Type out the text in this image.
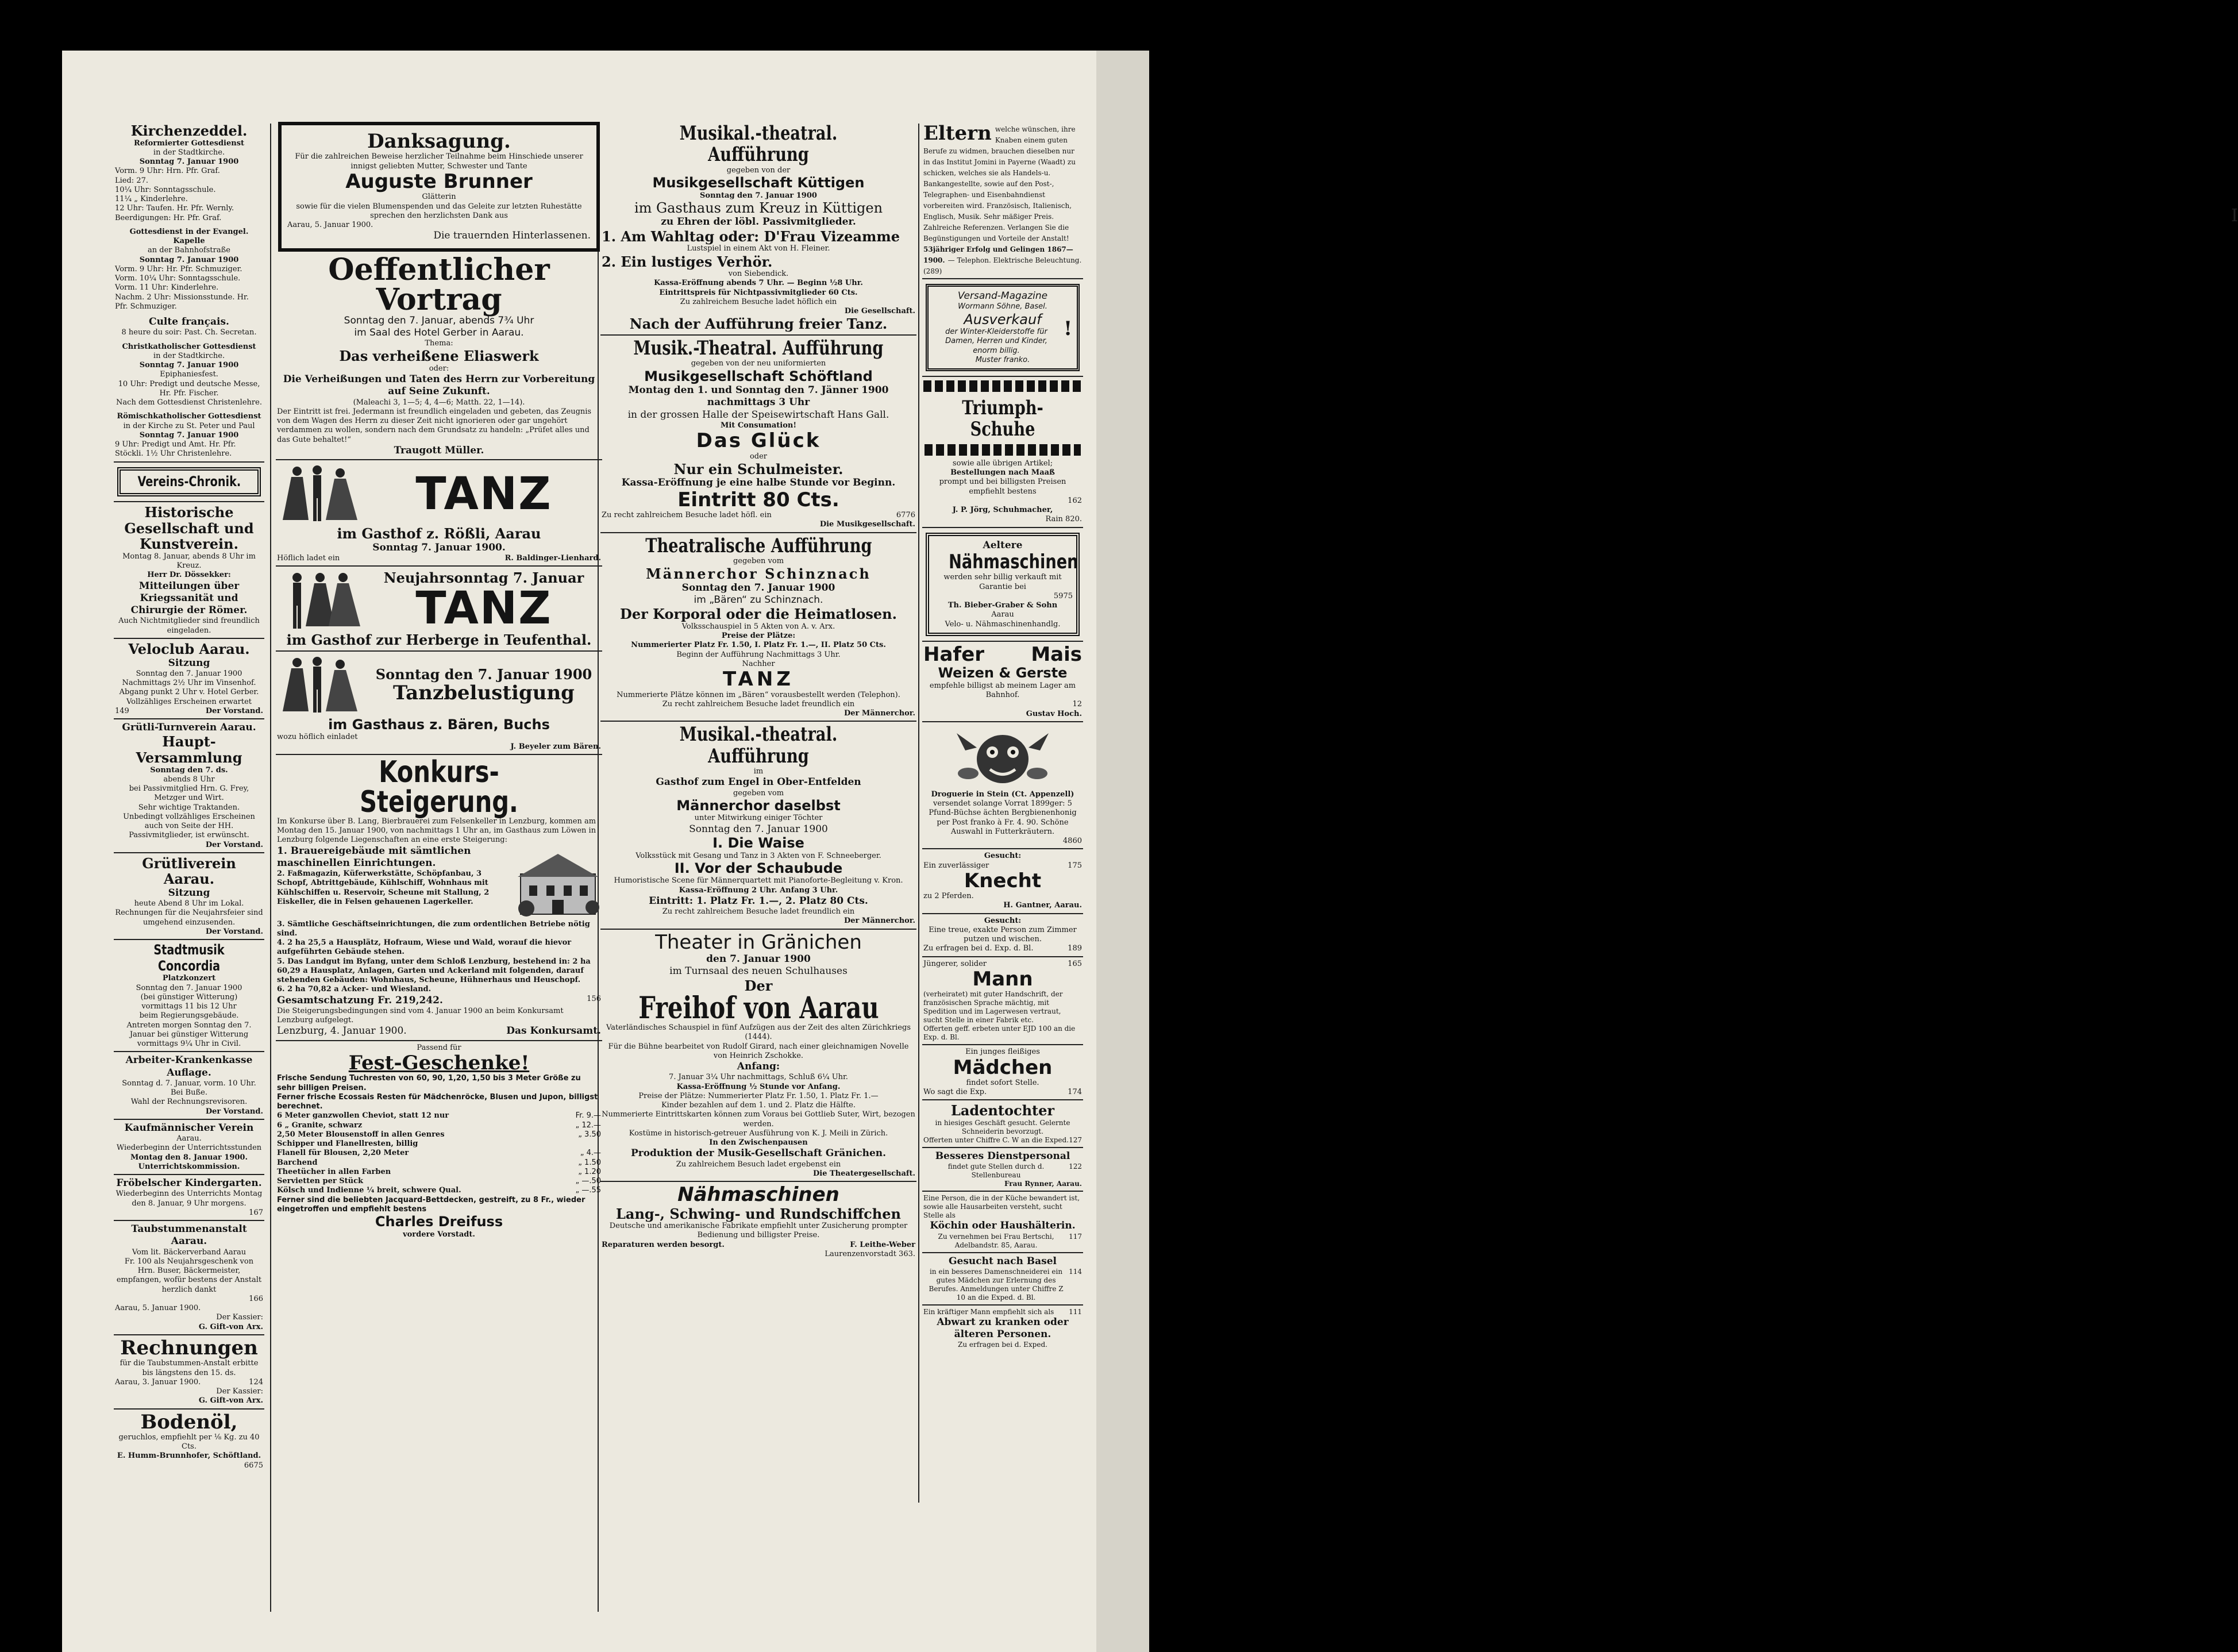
I
Kirchenzeddel.
Reformierter Gottesdienst
in der Stadtkirche.
Sonntag 7. Januar 1900
Vorm. 9 Uhr: Hrn. Pfr. Graf.
Lied: 27.
10¼ Uhr: Sonntagsschule.
11¼ „ Kinderlehre.
12 Uhr: Taufen. Hr. Pfr. Wernly.
Beerdigungen: Hr. Pfr. Graf.
Gottesdienst in der Evangel. Kapelle
an der Bahnhofstraße
Sonntag 7. Januar 1900
Vorm. 9 Uhr: Hr. Pfr. Schmuziger.
Vorm. 10¼ Uhr: Sonntagsschule.
Vorm. 11 Uhr: Kinderlehre.
Nachm. 2 Uhr: Missionsstunde. Hr. Pfr. Schmuziger.
Culte français.
8 heure du soir: Past. Ch. Secretan.
Christkatholischer Gottesdienst
in der Stadtkirche.
Sonntag 7. Januar 1900
Epiphaniesfest.
10 Uhr: Predigt und deutsche Messe, Hr. Pfr. Fischer.
Nach dem Gottesdienst Christenlehre.
Römischkatholischer Gottesdienst
in der Kirche zu St. Peter und Paul
Sonntag 7. Januar 1900
9 Uhr: Predigt und Amt. Hr. Pfr. Stöckli. 1½ Uhr Christenlehre.
Vereins-Chronik.
Historische Gesellschaft und Kunstverein.
Montag 8. Januar, abends 8 Uhr im Kreuz.
Herr Dr. Dössekker:
Mitteilungen über Kriegssanität und Chirurgie der Römer.
Auch Nichtmitglieder sind freundlich eingeladen.
Veloclub Aarau.
Sitzung
Sonntag den 7. Januar 1900
Nachmittags 2½ Uhr im Vinsenhof.
Abgang punkt 2 Uhr v. Hotel Gerber.
Vollzähliges Erscheinen erwartet
149	Der Vorstand.
Grütli-Turnverein Aarau.
Haupt-Versammlung
Sonntag den 7. ds.
abends 8 Uhr
bei Passivmitglied Hrn. G. Frey, Metzger und Wirt.
Sehr wichtige Traktanden.
Unbedingt vollzähliges Erscheinen auch von Seite der HH. Passivmitglieder, ist erwünscht.
Der Vorstand.
Grütliverein Aarau.
Sitzung
heute Abend 8 Uhr im Lokal.
Rechnungen für die Neujahrsfeier sind umgehend einzusenden.
Der Vorstand.
Stadtmusik Concordia
Platzkonzert
Sonntag den 7. Januar 1900
(bei günstiger Witterung)
vormittags 11 bis 12 Uhr
beim Regierungsgebäude.
Antreten morgen Sonntag den 7. Januar bei günstiger Witterung vormittags 9¼ Uhr in Civil.
Arbeiter-Krankenkasse
Auflage.
Sonntag d. 7. Januar, vorm. 10 Uhr.
Bei Buße.
Wahl der Rechnungsrevisoren.
Der Vorstand.
Kaufmännischer Verein
Aarau.
Wiederbeginn der Unterrichtsstunden
Montag den 8. Januar 1900.
Unterrichtskommission.
Fröbelscher Kindergarten.
Wiederbeginn des Unterrichts Montag den 8. Januar, 9 Uhr morgens.
167
Taubstummenanstalt Aarau.
Vom lit. Bäckerverband Aarau
Fr. 100 als Neujahrsgeschenk von Hrn. Buser, Bäckermeister, empfangen, wofür bestens der Anstalt herzlich dankt
166
Aarau, 5. Januar 1900.
Der Kassier:
G. Gift-von Arx.
Rechnungen
für die Taubstummen-Anstalt erbitte bis längstens den 15. ds.
Aarau, 3. Januar 1900.	124
Der Kassier:
G. Gift-von Arx.
Bodenöl,
geruchlos, empfiehlt per ⅛ Kg. zu 40 Cts.
E. Humm-Brunnhofer, Schöftland.
6675
Danksagung.
Für die zahlreichen Beweise herzlicher Teilnahme beim Hinschiede unserer innigst geliebten Mutter, Schwester und Tante
Auguste Brunner
Glätterin
sowie für die vielen Blumenspenden und das Geleite zur letzten Ruhestätte sprechen den herzlichsten Dank aus
Aarau, 5. Januar 1900.
Die trauernden Hinterlassenen.
Oeffentlicher Vortrag
Sonntag den 7. Januar, abends 7¾ Uhr
im Saal des Hotel Gerber in Aarau.
Thema:
Das verheißene Eliaswerk
oder:
Die Verheißungen und Taten des Herrn zur Vorbereitung auf Seine Zukunft.
(Maleachi 3, 1—5; 4, 4—6; Matth. 22, 1—14).
Der Eintritt ist frei. Jedermann ist freundlich eingeladen und gebeten, das Zeugnis von dem Wagen des Herrn zu dieser Zeit nicht ignorieren oder gar ungehört verdammen zu wollen, sondern nach dem Grundsatz zu handeln: „Prüfet alles und das Gute behaltet!“
Traugott Müller.
TANZ
im Gasthof z. Rößli, Aarau
Sonntag 7. Januar 1900.
Höflich ladet ein	R. Baldinger-Lienhard.
Neujahrsonntag 7. Januar
TANZ
im Gasthof zur Herberge in Teufenthal.
Sonntag den 7. Januar 1900
Tanzbelustigung
im Gasthaus z. Bären, Buchs
wozu höflich einladet
J. Beyeler zum Bären.
Konkurs-Steigerung.
Im Konkurse über B. Lang, Bierbrauerei zum Felsenkeller in Lenzburg, kommen am Montag den 15. Januar 1900, von nachmittags 1 Uhr an, im Gasthaus zum Löwen in Lenzburg folgende Liegenschaften an eine erste Steigerung:
1. Brauereigebäude mit sämtlichen maschinellen Einrichtungen.
2. Faßmagazin, Küferwerkstätte, Schöpfanbau, 3 Schopf, Abtrittgebäude, Kühlschiff, Wohnhaus mit Kühlschiffen u. Reservoir, Scheune mit Stallung, 2 Eiskeller, die in Felsen gehauenen Lagerkeller.
3. Sämtliche Geschäftseinrichtungen, die zum ordentlichen Betriebe nötig sind.
4. 2 ha 25,5 a Hausplätz, Hofraum, Wiese und Wald, worauf die hievor aufgeführten Gebäude stehen.
5. Das Landgut im Byfang, unter dem Schloß Lenzburg, bestehend in: 2 ha 60,29 a Hausplatz, Anlagen, Garten und Ackerland mit folgenden, darauf stehenden Gebäuden: Wohnhaus, Scheune, Hühnerhaus und Heuschopf.
6. 2 ha 70,82 a Acker- und Wiesland.
Gesamtschatzung Fr. 219,242.	156
Die Steigerungsbedingungen sind vom 4. Januar 1900 an beim Konkursamt Lenzburg aufgelegt.
Lenzburg, 4. Januar 1900.	Das Konkursamt.
Passend für
Fest-Geschenke!
Frische Sendung Tuchresten von 60, 90, 1,20, 1,50 bis 3 Meter Größe zu sehr billigen Preisen.
Ferner frische Ecossais Resten für Mädchenröcke, Blusen und Jupon, billigst berechnet.
6 Meter ganzwollen Cheviot, statt 12 nur	Fr. 9.—
6 „ Granite, schwarz	„ 12.—
2,50 Meter Blousenstoff in allen Genres	„ 3.50
Schipper und Flanellresten, billig
Flanell für Blousen, 2,20 Meter	„ 4.—
Barchend	„ 1.50
Theetücher in allen Farben	„ 1.20
Servietten per Stück	„ —.50
Kölsch und Indienne ¼ breit, schwere Qual.	„ —.55
Ferner sind die beliebten Jacquard-Bettdecken, gestreift, zu 8 Fr., wieder eingetroffen und empfiehlt bestens
Charles Dreifuss
vordere Vorstadt.
Musikal.-theatral. Aufführung
gegeben von der
Musikgesellschaft Küttigen
Sonntag den 7. Januar 1900
im Gasthaus zum Kreuz in Küttigen
zu Ehren der löbl. Passivmitglieder.
1. Am Wahltag oder: D'Frau Vizeamme
Lustspiel in einem Akt von H. Fleiner.
2. Ein lustiges Verhör.
von Siebendick.
Kassa-Eröffnung abends 7 Uhr. — Beginn ½8 Uhr.
Eintrittspreis für Nichtpassivmitglieder 60 Cts.
Zu zahlreichem Besuche ladet höflich ein
Die Gesellschaft.
Nach der Aufführung freier Tanz.
Musik.-Theatral. Aufführung
gegeben von der neu uniformierten
Musikgesellschaft Schöftland
Montag den 1. und Sonntag den 7. Jänner 1900
nachmittags 3 Uhr
in der grossen Halle der Speisewirtschaft Hans Gall.
Mit Consumation!
Das Glück
oder
Nur ein Schulmeister.
Kassa-Eröffnung je eine halbe Stunde vor Beginn.
Eintritt 80 Cts.
Zu recht zahlreichem Besuche ladet höfl. ein	6776
Die Musikgesellschaft.
Theatralische Aufführung
gegeben vom
Männerchor Schinznach
Sonntag den 7. Januar 1900
im „Bären“ zu Schinznach.
Der Korporal oder die Heimatlosen.
Volksschauspiel in 5 Akten von A. v. Arx.
Preise der Plätze:
Nummerierter Platz Fr. 1.50, I. Platz Fr. 1.—, II. Platz 50 Cts.
Beginn der Aufführung Nachmittags 3 Uhr.
Nachher
TANZ
Nummerierte Plätze können im „Bären“ vorausbestellt werden (Telephon).
Zu recht zahlreichem Besuche ladet freundlich ein
Der Männerchor.
Musikal.-theatral. Aufführung
im
Gasthof zum Engel in Ober-Entfelden
gegeben vom
Männerchor daselbst
unter Mitwirkung einiger Töchter
Sonntag den 7. Januar 1900
I. Die Waise
Volksstück mit Gesang und Tanz in 3 Akten von F. Schneeberger.
II. Vor der Schaubude
Humoristische Scene für Männerquartett mit Pianoforte-Begleitung v. Kron.
Kassa-Eröffnung 2 Uhr. Anfang 3 Uhr.
Eintritt: 1. Platz Fr. 1.—, 2. Platz 80 Cts.
Zu recht zahlreichem Besuche ladet freundlich ein
Der Männerchor.
Theater in Gränichen
den 7. Januar 1900
im Turnsaal des neuen Schulhauses
Der
Freihof von Aarau
Vaterländisches Schauspiel in fünf Aufzügen aus der Zeit des alten Zürichkriegs (1444).
Für die Bühne bearbeitet von Rudolf Girard, nach einer gleichnamigen Novelle von Heinrich Zschokke.
Anfang:
7. Januar 3¼ Uhr nachmittags, Schluß 6¼ Uhr.
Kassa-Eröffnung ½ Stunde vor Anfang.
Preise der Plätze: Nummerierter Platz Fr. 1.50, 1. Platz Fr. 1.—
Kinder bezahlen auf dem 1. und 2. Platz die Hälfte.
Nummerierte Eintrittskarten können zum Voraus bei Gottlieb Suter, Wirt, bezogen werden.
Kostüme in historisch-getreuer Ausführung von K. J. Meili in Zürich.
In den Zwischenpausen
Produktion der Musik-Gesellschaft Gränichen.
Zu zahlreichem Besuch ladet ergebenst ein
Die Theatergesellschaft.
Nähmaschinen
Lang-, Schwing- und Rundschiffchen
Deutsche und amerikanische Fabrikate empfiehlt unter Zusicherung prompter Bedienung und billigster Preise.
Reparaturen werden besorgt.	F. Leithe-Weber
Laurenzenvorstadt 363.
Eltern welche wünschen, ihre Knaben einem guten Berufe zu widmen, brauchen dieselben nur in das Institut Jomini in Payerne (Waadt) zu schicken, welches sie als Handels-u. Bankangestellte, sowie auf den Post-, Telegraphen- und Eisenbahndienst vorbereiten wird. Französisch, Italienisch, Englisch, Musik. Sehr mäßiger Preis. Zahlreiche Referenzen. Verlangen Sie die Begünstigungen und Vorteile der Anstalt! 53jähriger Erfolg und Gelingen 1867—1900. — Telephon. Elektrische Beleuchtung. (289)
Versand-Magazine
Wormann Söhne, Basel.
Ausverkauf
der Winter-Kleiderstoffe für Damen, Herren und Kinder, enorm billig.
Muster franko.
!
Triumph-Schuhe
sowie alle übrigen Artikel;
Bestellungen nach Maaß
prompt und bei billigsten Preisen empfiehlt bestens
162
J. P. Jörg, Schuhmacher,
Rain 820.
Aeltere
Nähmaschinen
werden sehr billig verkauft mit Garantie bei
5975
Th. Bieber-Graber & Sohn
Aarau
Velo- u. Nähmaschinenhandlg.
Hafer Mais
Weizen & Gerste
empfehle billigst ab meinem Lager am Bahnhof.
12
Gustav Hoch.
Droguerie in Stein (Ct. Appenzell)
versendet solange Vorrat 1899ger: 5 Pfund-Büchse ächten Bergbienenhonig per Post franko à Fr. 4. 90. Schöne Auswahl in Futterkräutern.
4860
Gesucht:
Ein zuverlässiger	175
Knecht
zu 2 Pferden.
H. Gantner, Aarau.
Gesucht:
Eine treue, exakte Person zum Zimmer putzen und wischen.
Zu erfragen bei d. Exp. d. Bl.	189
Jüngerer, solider	165
Mann
(verheiratet) mit guter Handschrift, der französischen Sprache mächtig, mit Spedition und im Lagerwesen vertraut, sucht Stelle in einer Fabrik etc.
Offerten geff. erbeten unter EJD 100 an die Exp. d. Bl.
Ein junges fleißiges
Mädchen
findet sofort Stelle.
Wo sagt die Exp.	174
Ladentochter
in hiesiges Geschäft gesucht. Gelernte Schneiderin bevorzugt.
Offerten unter Chiffre C. W an die Exped. 127
Besseres Dienstpersonal
findet gute Stellen durch d. Stellenbureau
122
Frau Rynner, Aarau.
Eine Person, die in der Küche bewandert ist, sowie alle Hausarbeiten versteht, sucht Stelle als
Köchin oder Haushälterin.
Zu vernehmen bei Frau Bertschi, Adelbandstr. 85, Aarau.
117
Gesucht nach Basel
in ein besseres Damenschneiderei ein gutes Mädchen zur Erlernung des Berufes. Anmeldungen unter Chiffre Z 10 an die Exped. d. Bl.
114
Ein kräftiger Mann empfiehlt sich als 111
Abwart zu kranken oder älteren Personen.
Zu erfragen bei d. Exped.
